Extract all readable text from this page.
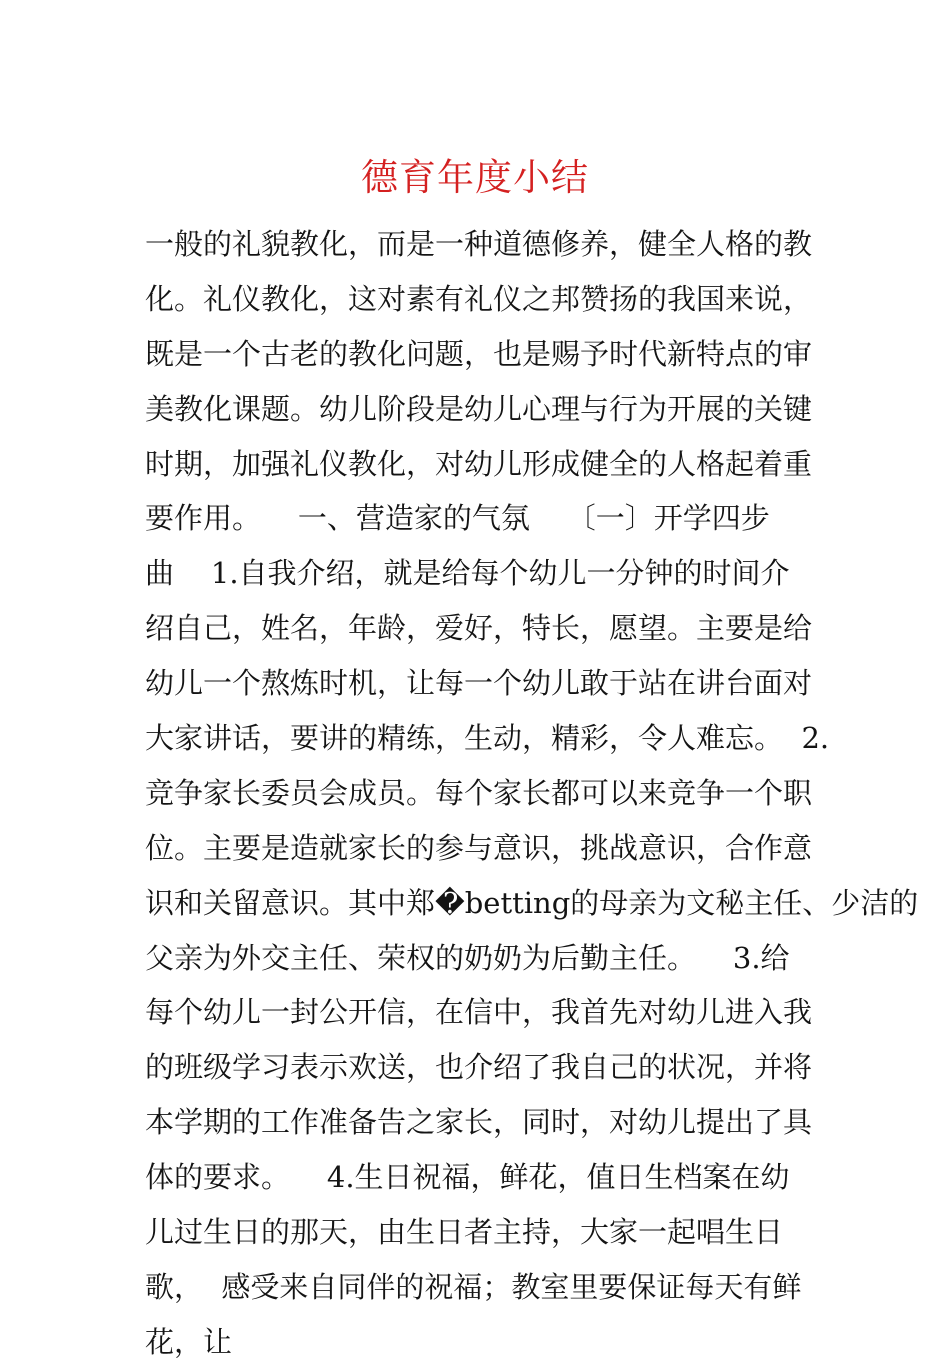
德育年度小结
一般的礼貌教化，而是一种道德修养，健全人格的教
化。礼仪教化，这对素有礼仪之邦赞扬的我国来说，
既是一个古老的教化问题，也是赐予时代新特点的审
美教化课题。幼儿阶段是幼儿心理与行为开展的关键
时期，加强礼仪教化，对幼儿形成健全的人格起着重
要作用。    一、营造家的气氛    〔一〕开学四步
曲    1.自我介绍，就是给每个幼儿一分钟的时间介
绍自己，姓名，年龄，爱好，特长，愿望。主要是给
幼儿一个熬炼时机，让每一个幼儿敢于站在讲台面对
大家讲话，要讲的精练，生动，精彩，令人难忘。  2.
竞争家长委员会成员。每个家长都可以来竞争一个职
位。主要是造就家长的参与意识，挑战意识，合作意
识和关留意识。其中郑�betting的母亲为文秘主任、少洁的
父亲为外交主任、荣权的奶奶为后勤主任。    3.给
每个幼儿一封公开信，在信中，我首先对幼儿进入我
的班级学习表示欢送，也介绍了我自己的状况，并将
本学期的工作准备告之家长，同时，对幼儿提出了具
体的要求。    4.生日祝福，鲜花，值日生档案在幼
儿过生日的那天，由生日者主持，大家一起唱生日
歌，  感受来自同伴的祝福；教室里要保证每天有鲜
花，让
